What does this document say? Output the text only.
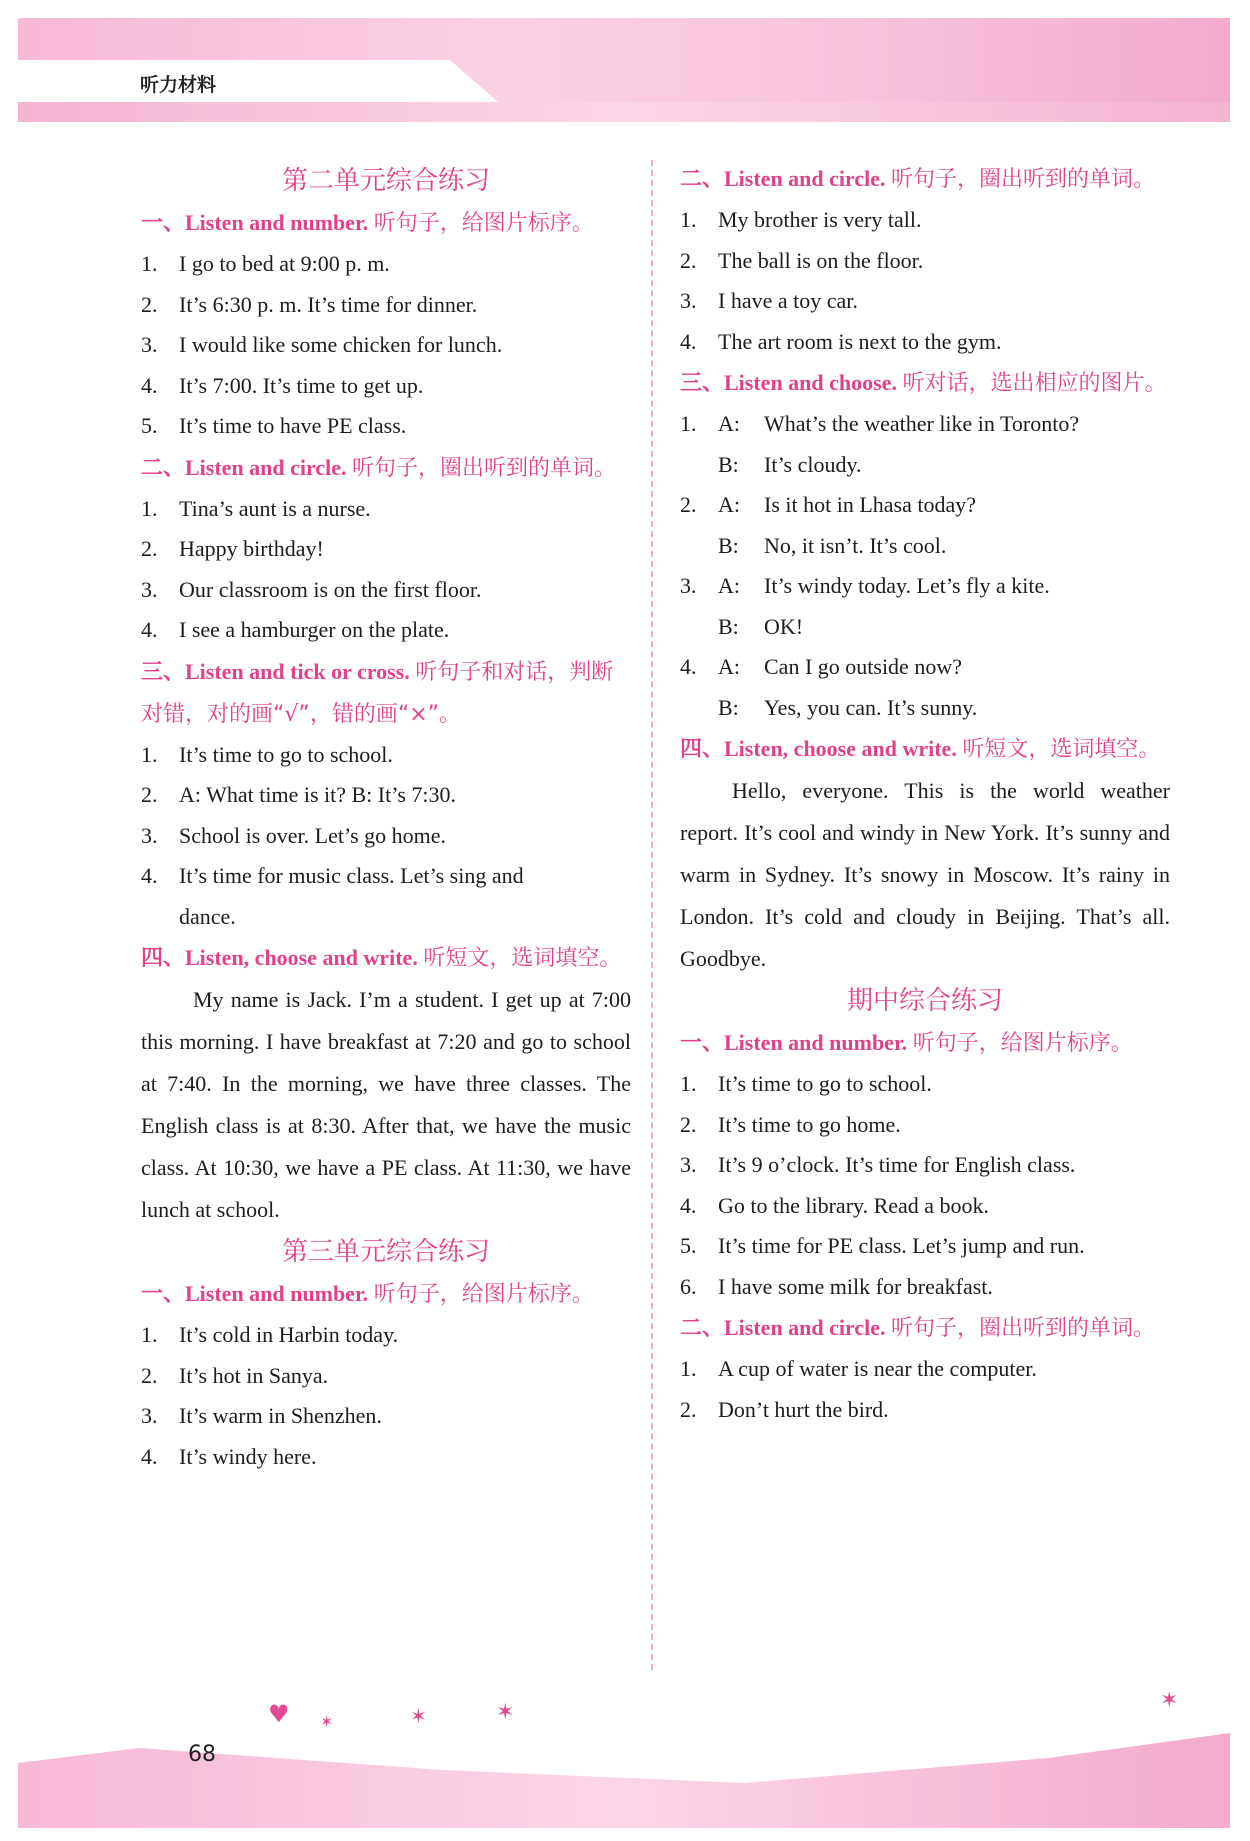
听力材料
第二单元综合练习
一、Listen and number. 听句子，给图片标序。
1. I go to bed at 9:00 p. m.
2. It’s 6:30 p. m. It’s time for dinner.
3. I would like some chicken for lunch.
4. It’s 7:00. It’s time to get up.
5. It’s time to have PE class.
二、Listen and circle. 听句子，圈出听到的单词。
1. Tina’s aunt is a nurse.
2. Happy birthday!
3. Our classroom is on the first floor.
4. I see a hamburger on the plate.
三、Listen and tick or cross. 听句子和对话，判断对错，对的画“√”，错的画“×”。
1. It’s time to go to school.
2. A: What time is it? B: It’s 7:30.
3. School is over. Let’s go home.
4. It’s time for music class. Let’s sing and
dance.
四、Listen, choose and write. 听短文，选词填空。
My name is Jack. I’m a student. I get up at 7:00 this morning. I have breakfast at 7:20 and go to school at 7:40. In the morning, we have three classes. The English class is at 8:30. After that, we have the music class. At 10:30, we have a PE class. At 11:30, we have lunch at school.
第三单元综合练习
一、Listen and number. 听句子，给图片标序。
1. It’s cold in Harbin today.
2. It’s hot in Sanya.
3. It’s warm in Shenzhen.
4. It’s windy here.
二、Listen and circle. 听句子，圈出听到的单词。
1. My brother is very tall.
2. The ball is on the floor.
3. I have a toy car.
4. The art room is next to the gym.
三、Listen and choose. 听对话，选出相应的图片。
1. A: What’s the weather like in Toronto?
B: It’s cloudy.
2. A: Is it hot in Lhasa today?
B: No, it isn’t. It’s cool.
3. A: It’s windy today. Let’s fly a kite.
B: OK!
4. A: Can I go outside now?
B: Yes, you can. It’s sunny.
四、Listen, choose and write. 听短文，选词填空。
Hello, everyone. This is the world weather report. It’s cool and windy in New York. It’s sunny and warm in Sydney. It’s snowy in Moscow. It’s rainy in London. It’s cold and cloudy in Beijing. That’s all. Goodbye.
期中综合练习
一、Listen and number. 听句子，给图片标序。
1. It’s time to go to school.
2. It’s time to go home.
3. It’s 9 o’clock. It’s time for English class.
4. Go to the library. Read a book.
5. It’s time for PE class. Let’s jump and run.
6. I have some milk for breakfast.
二、Listen and circle. 听句子，圈出听到的单词。
1. A cup of water is near the computer.
2. Don’t hurt the bird.
68
♥ ✶	✶	✶	✶
